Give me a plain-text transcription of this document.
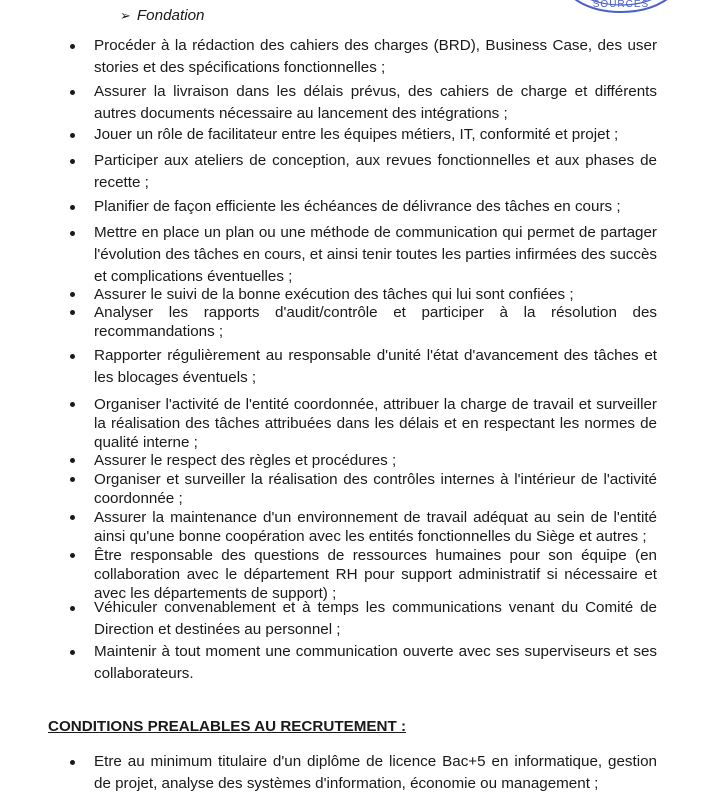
SOURCES
➢ Fondation
Procéder à la rédaction des cahiers des charges (BRD), Business Case, des user stories et des spécifications fonctionnelles ;
Assurer la livraison dans les délais prévus, des cahiers de charge et différents autres documents nécessaire au lancement des intégrations ;
Jouer un rôle de facilitateur entre les équipes métiers, IT, conformité et projet ;
Participer aux ateliers de conception, aux revues fonctionnelles et aux phases de recette ;
Planifier de façon efficiente les échéances de délivrance des tâches en cours ;
Mettre en place un plan ou une méthode de communication qui permet de partager l'évolution des tâches en cours, et ainsi tenir toutes les parties infirmées des succès et complications éventuelles ;
Assurer le suivi de la bonne exécution des tâches qui lui sont confiées ;
Analyser les rapports d'audit/contrôle et participer à la résolution des recommandations ;
Rapporter régulièrement au responsable d'unité l'état d'avancement des tâches et les blocages éventuels ;
Organiser l'activité de l'entité coordonnée, attribuer la charge de travail et surveiller la réalisation des tâches attribuées dans les délais et en respectant les normes de qualité interne ;
Assurer le respect des règles et procédures ;
Organiser et surveiller la réalisation des contrôles internes à l'intérieur de l'activité coordonnée ;
Assurer la maintenance d'un environnement de travail adéquat au sein de l'entité ainsi qu'une bonne coopération avec les entités fonctionnelles du Siège et autres ;
Être responsable des questions de ressources humaines pour son équipe (en collaboration avec le département RH pour support administratif si nécessaire et avec les départements de support) ;
Véhiculer convenablement et à temps les communications venant du Comité de Direction et destinées au personnel ;
Maintenir à tout moment une communication ouverte avec ses superviseurs et ses collaborateurs.
CONDITIONS PREALABLES AU RECRUTEMENT :
Etre au minimum titulaire d'un diplôme de licence Bac+5 en informatique, gestion de projet, analyse des systèmes d'information, économie ou management ;
